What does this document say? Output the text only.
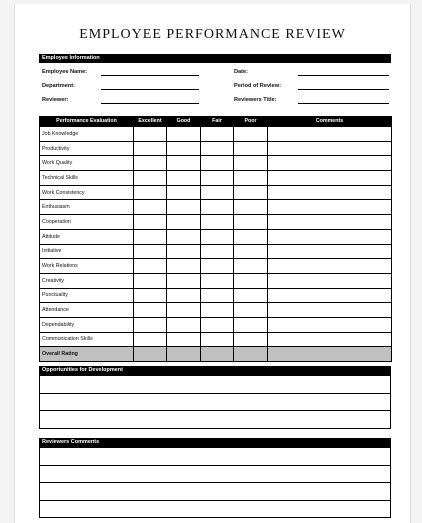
EMPLOYEE PERFORMANCE REVIEW
Employee Information
Employee Name:
Department:
Reviewer:
Date:
Period of Review:
Reviewers Title:
Performance Evaluation	Excellent	Good	Fair	Poor	Comments
Job Knowledge					
Productivity					
Work Quality					
Technical Skills					
Work Consistency					
Enthusiasm					
Cooperation					
Attitude					
Initiative					
Work Relations					
Creativity					
Punctuality					
Attendance					
Dependability					
Communication Skills					
Overall Rating					
Opportunities for Development

Reviewers Comments
